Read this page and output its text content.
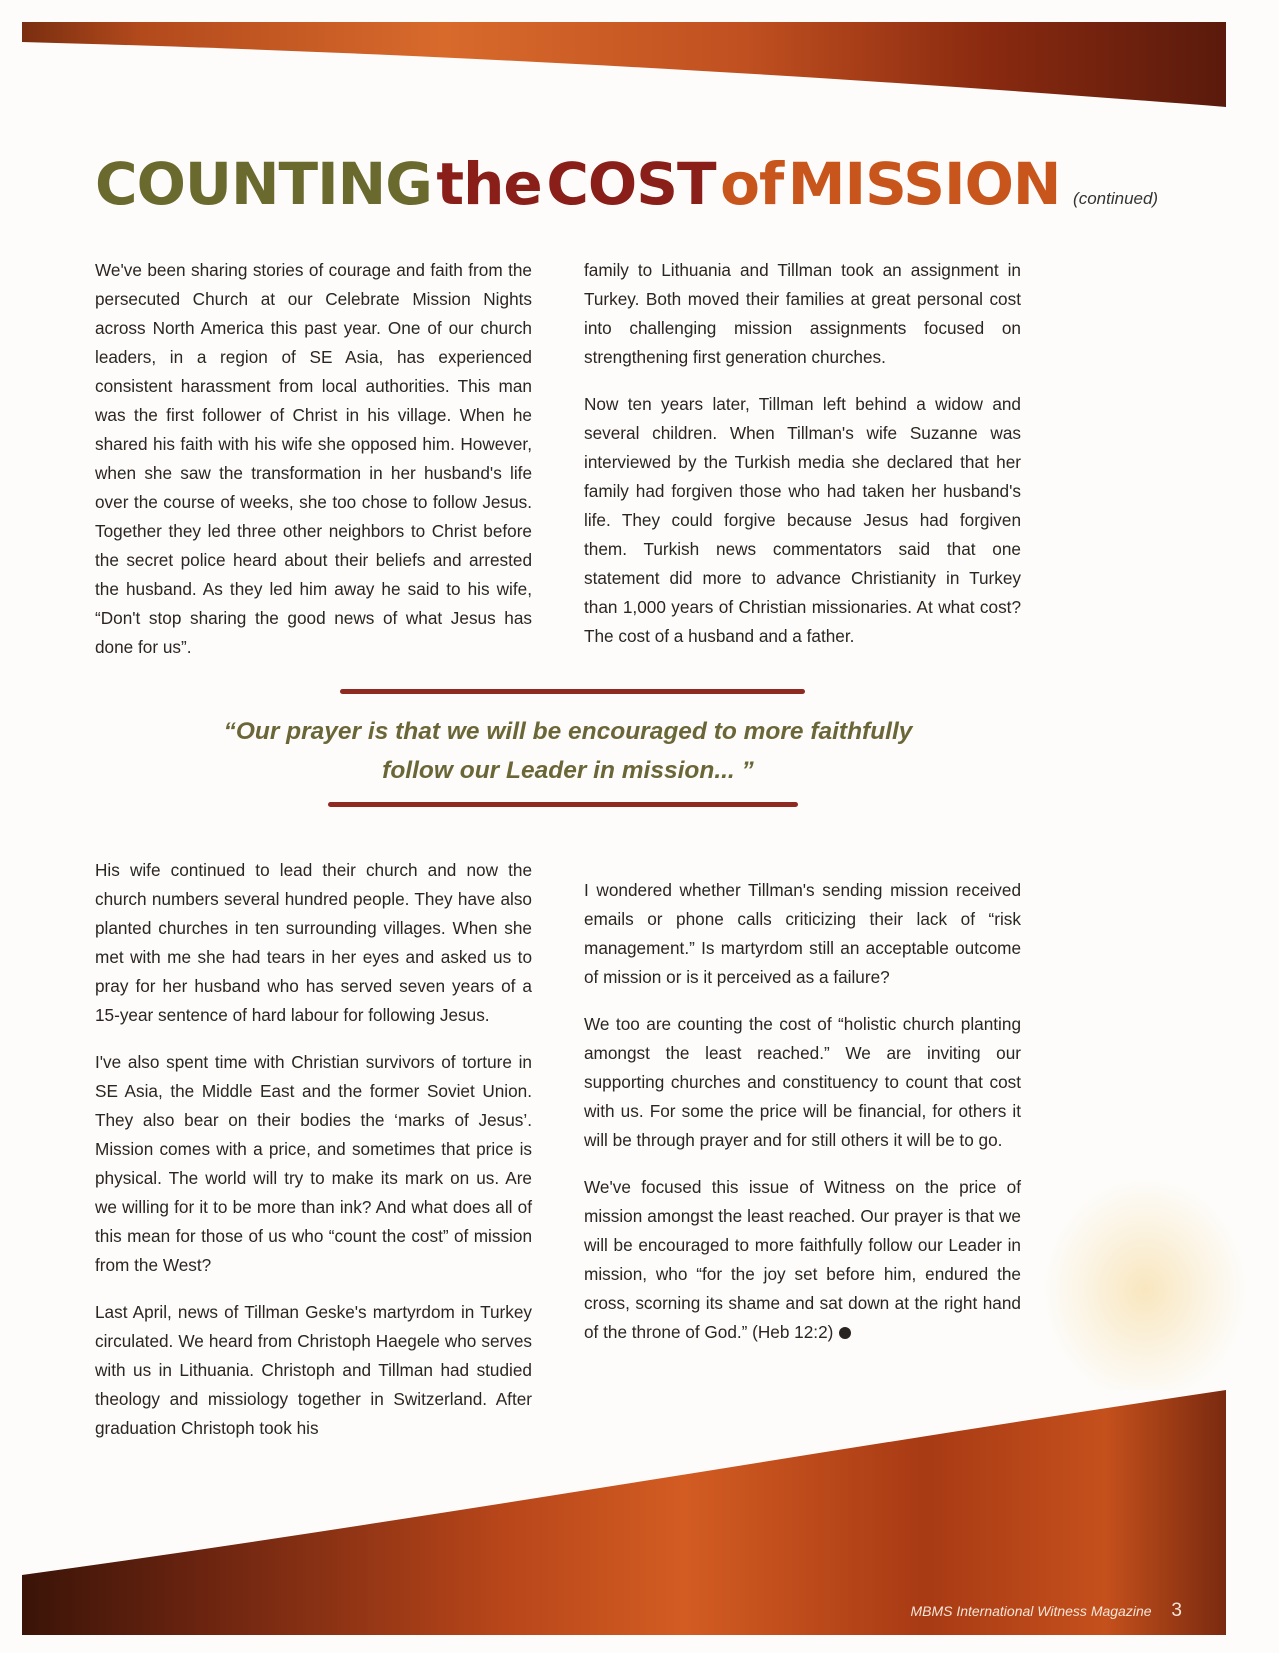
COUNTING the COST of MISSION (continued)

We've been sharing stories of courage and faith from the persecuted Church at our Celebrate Mission Nights across North America this past year. One of our church leaders, in a region of SE Asia, has experienced consistent harassment from local authorities. This man was the first follower of Christ in his village. When he shared his faith with his wife she opposed him. However, when she saw the transformation in her husband's life over the course of weeks, she too chose to follow Jesus. Together they led three other neighbors to Christ before the secret police heard about their beliefs and arrested the husband. As they led him away he said to his wife, “Don't stop sharing the good news of what Jesus has done for us”.

family to Lithuania and Tillman took an assignment in Turkey. Both moved their families at great personal cost into challenging mission assignments focused on strengthening first generation churches.

Now ten years later, Tillman left behind a widow and several children. When Tillman's wife Suzanne was interviewed by the Turkish media she declared that her family had forgiven those who had taken her husband's life. They could forgive because Jesus had forgiven them. Turkish news commentators said that one statement did more to advance Christianity in Turkey than 1,000 years of Christian missionaries. At what cost? The cost of a husband and a father.

“Our prayer is that we will be encouraged to more faithfully
follow our Leader in mission... ”

His wife continued to lead their church and now the church numbers several hundred people. They have also planted churches in ten surrounding villages. When she met with me she had tears in her eyes and asked us to pray for her husband who has served seven years of a 15-year sentence of hard labour for following Jesus.

I've also spent time with Christian survivors of torture in SE Asia, the Middle East and the former Soviet Union. They also bear on their bodies the ‘marks of Jesus’. Mission comes with a price, and sometimes that price is physical. The world will try to make its mark on us. Are we willing for it to be more than ink? And what does all of this mean for those of us who “count the cost” of mission from the West?

Last April, news of Tillman Geske's martyrdom in Turkey circulated. We heard from Christoph Haegele who serves with us in Lithuania. Christoph and Tillman had studied theology and missiology together in Switzerland. After graduation Christoph took his

I wondered whether Tillman's sending mission received emails or phone calls criticizing their lack of “risk management.” Is martyrdom still an acceptable outcome of mission or is it perceived as a failure?

We too are counting the cost of “holistic church planting amongst the least reached.” We are inviting our supporting churches and constituency to count that cost with us. For some the price will be financial, for others it will be through prayer and for still others it will be to go.

We've focused this issue of Witness on the price of mission amongst the least reached. Our prayer is that we will be encouraged to more faithfully follow our Leader in mission, who “for the joy set before him, endured the cross, scorning its shame and sat down at the right hand of the throne of God.” (Heb 12:2)

MBMS International Witness Magazine 3
